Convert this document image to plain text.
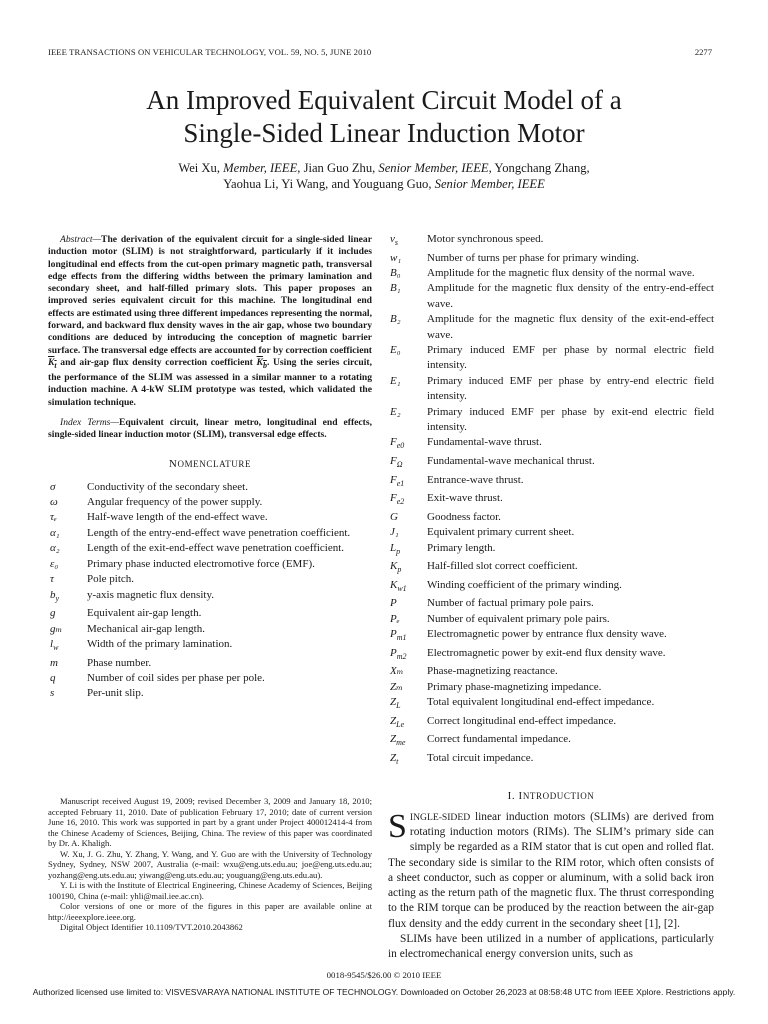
IEEE TRANSACTIONS ON VEHICULAR TECHNOLOGY, VOL. 59, NO. 5, JUNE 2010	2277
An Improved Equivalent Circuit Model of a
Single-Sided Linear Induction Motor
Wei Xu, Member, IEEE, Jian Guo Zhu, Senior Member, IEEE, Yongchang Zhang,
Yaohua Li, Yi Wang, and Youguang Guo, Senior Member, IEEE

Abstract—The derivation of the equivalent circuit for a single-sided linear induction motor (SLIM) is not straightforward, particularly if it includes longitudinal end effects from the cut-open primary magnetic path, transversal edge effects from the differing widths between the primary lamination and secondary sheet, and half-filled primary slots. This paper proposes an improved series equivalent circuit for this machine. The longitudinal end effects are estimated using three different impedances representing the normal, forward, and backward flux density waves in the air gap, whose two boundary conditions are deduced by introducing the conception of magnetic barrier surface. The transversal edge effects are accounted for by correction coefficient $K_t$ and air-gap flux density correction coefficient $K_b$. Using the series circuit, the performance of the SLIM was assessed in a similar manner to a rotating induction machine. A 4-kW SLIM prototype was tested, which validated the simulation technique.

Index Terms—Equivalent circuit, linear metro, longitudinal end effects, single-sided linear induction motor (SLIM), transversal edge effects.

NOMENCLATURE
σ	Conductivity of the secondary sheet.
ω	Angular frequency of the power supply.
τₑ	Half-wave length of the end-effect wave.
α₁	Length of the entry-end-effect wave penetration coefficient.
α₂	Length of the exit-end-effect wave penetration coefficient.
ε₀	Primary phase inducted electromotive force (EMF).
τ	Pole pitch.
$b_y$	y-axis magnetic flux density.
g	Equivalent air-gap length.
gₘ	Mechanical air-gap length.
$l_w$	Width of the primary lamination.
m	Phase number.
q	Number of coil sides per phase per pole.
s	Per-unit slip.

Manuscript received August 19, 2009; revised December 3, 2009 and January 18, 2010; accepted February 11, 2010. Date of publication February 17, 2010; date of current version June 16, 2010. This work was supported in part by a grant under Project 400012414-4 from the Chinese Academy of Sciences, Beijing, China. The review of this paper was coordinated by Dr. A. Khaligh.

W. Xu, J. G. Zhu, Y. Zhang, Y. Wang, and Y. Guo are with the University of Technology Sydney, Sydney, NSW 2007, Australia (e-mail: wxu@eng.uts.edu.au; joe@eng.uts.edu.au; yozhang@eng.uts.edu.au; yiwang@eng.uts.edu.au; youguang@eng.uts.edu.au).

Y. Li is with the Institute of Electrical Engineering, Chinese Academy of Sciences, Beijing 100190, China (e-mail: yhli@mail.iee.ac.cn).

Color versions of one or more of the figures in this paper are available online at http://ieeexplore.ieee.org.

Digital Object Identifier 10.1109/TVT.2010.2043862

$v_s$	Motor synchronous speed.
w₁	Number of turns per phase for primary winding.
B₀	Amplitude for the magnetic flux density of the normal wave.
B₁	Amplitude for the magnetic flux density of the entry-end-effect wave.
B₂	Amplitude for the magnetic flux density of the exit-end-effect wave.
E₀	Primary induced EMF per phase by normal electric field intensity.
E₁	Primary induced EMF per phase by entry-end electric field intensity.
E₂	Primary induced EMF per phase by exit-end electric field intensity.
$F_{e0}$	Fundamental-wave thrust.
$F_\Omega$	Fundamental-wave mechanical thrust.
$F_{e1}$	Entrance-wave thrust.
$F_{e2}$	Exit-wave thrust.
G	Goodness factor.
J₁	Equivalent primary current sheet.
$L_p$	Primary length.
$K_p$	Half-filled slot correct coefficient.
$K_{w1}$	Winding coefficient of the primary winding.
P	Number of factual primary pole pairs.
Pₑ	Number of equivalent primary pole pairs.
$P_{m1}$	Electromagnetic power by entrance flux density wave.
$P_{m2}$	Electromagnetic power by exit-end flux density wave.
Xₘ	Phase-magnetizing reactance.
Zₘ	Primary phase-magnetizing impedance.
$Z_L$	Total equivalent longitudinal end-effect impedance.
$Z_{Le}$	Correct longitudinal end-effect impedance.
$Z_{me}$	Correct fundamental impedance.
$Z_t$	Total circuit impedance.
I. INTRODUCTION

SINGLE-SIDED linear induction motors (SLIMs) are derived from rotating induction motors (RIMs). The SLIM’s primary side can simply be regarded as a RIM stator that is cut open and rolled flat. The secondary side is similar to the RIM rotor, which often consists of a sheet conductor, such as copper or aluminum, with a solid back iron acting as the return path of the magnetic flux. The thrust corresponding to the RIM torque can be produced by the reaction between the air-gap flux density and the eddy current in the secondary sheet [1], [2].

SLIMs have been utilized in a number of applications, particularly in electromechanical energy conversion units, such as

0018-9545/$26.00 © 2010 IEEE
Authorized licensed use limited to: VISVESVARAYA NATIONAL INSTITUTE OF TECHNOLOGY. Downloaded on October 26,2023 at 08:58:48 UTC from IEEE Xplore. Restrictions apply.
